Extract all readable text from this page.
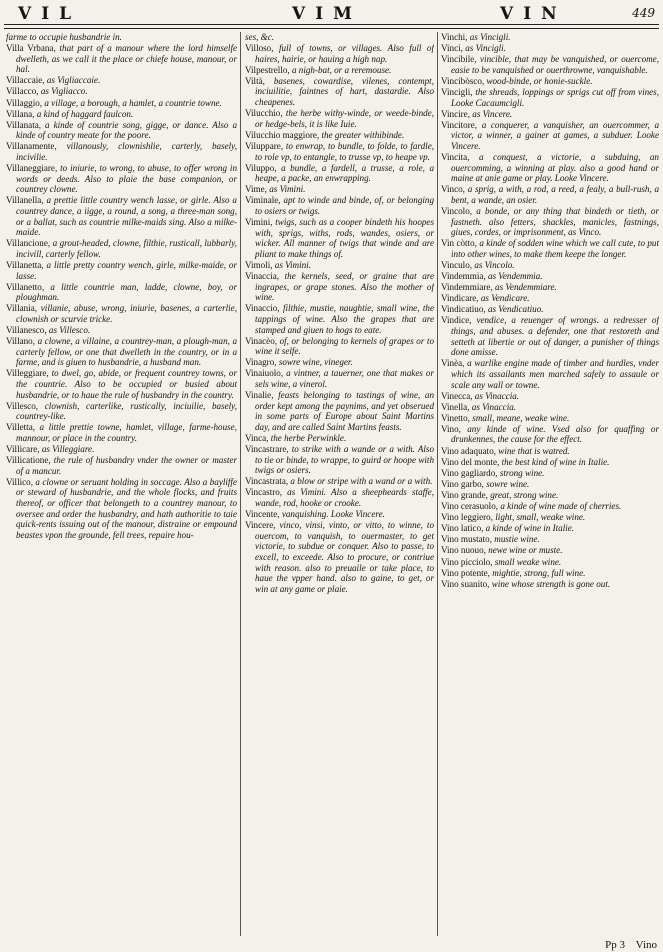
VIL	VIM	VIN	449

farme to occupie husbandrie in.

Villa Vrbana, that part of a manour where the lord himselfe dwelleth, as we call it the place or chiefe house, manour, or hal.

Villaccaie, as Vigliaccaie.

Villacco, as Vigliacco.

Villaggio, a village, a borough, a hamlet, a countrie towne.

Villana, a kind of haggard faulcon.

Villanata, a kinde of countrie song, gigge, or dance. Also a kinde of country meate for the poore.

Villanamente, villanously, clownishlie, carterly, basely, incivilie.

Villaneggiare, to iniurie, to wrong, to abuse, to offer wrong in words or deeds. Also to plaie the base companion, or countrey clowne.

Villanella, a prettie little country wench lasse, or girle. Also a countrey dance, a iigge, a round, a song, a three-man song, or a ballat, such as countrie milke-maids sing. Also a milke-maide.

Villancione, a grout-headed, clowne, filthie, rusticall, lubbarly, incivill, carterly fellow.

Villanetta, a little pretty country wench, girle, milke-maide, or lasse.

Villanetto, a little countrie man, ladde, clowne, boy, or ploughman.

Villania, villanie, abuse, wrong, iniurie, basenes, a carterlie, clownish or scurvie tricke.

Villanesco, as Villesco.

Villano, a clowne, a villaine, a countrey-man, a plough-man, a carterly fellow, or one that dwelleth in the country, or in a farme, and is giuen to husbandrie, a husband man.

Villeggiare, to dwel, go, abide, or frequent countrey towns, or the countrie. Also to be occupied or busied about husbandrie, or to haue the rule of husbandry in the country.

Villesco, clownish, carterlike, rustically, inciuilie, basely, countrey-like.

Villetta, a little prettie towne, hamlet, village, farme-house, mannour, or place in the country.

Villicare, as Villeggiare.

Villicatione, the rule of husbandry vnder the owner or master of a mancur.

Villico, a clowne or seruant holding in soccage. Also a bayliffe or steward of husbandrie, and the whole flocks, and fruits thereof, or officer that belongeth to a countrey manour, to oversee and order the husbandry, and hath authoritie to taie quick-rents issuing out of the manour, distraine or empound beastes vpon the grounde, fell trees, repaire hou-

ses, &c.

Villoso, full of towns, or villages. Also full of haires, hairie, or hauing a high nap.

Vilpestrello, a nigh-bat, or a reremouse.

Viltà, basenes, cowardise, vilenes, contempt, inciuilitie, faintnes of hart, dastardie. Also cheapenes.

Vilucchio, the herbe withy-winde, or weede-binde, or hedge-bels, it is like Iuie.

Vilucchio maggiore, the greater withibinde.

Viluppare, to enwrap, to bundle, to folde, to fardle, to role vp, to entangle, to trusse vp, to heape vp.

Viluppo, a bundle, a fardell, a trusse, a role, a heape, a packe, an enwrapping.

Vime, as Vimini.

Viminale, apt to winde and binde, of, or belonging to osiers or twigs.

Vimini, twigs, such as a cooper bindeth his hoopes with, sprigs, withs, rods, wandes, osiers, or wicker. All manner of twigs that winde and are pliant to make things of.

Vimoli, as Vimini.

Vinaccia, the kernels, seed, or graine that are ingrapes, or grape stones. Also the mother of wine.

Vinaccio, filthie, mustie, naughtie, small wine, the tappings of wine. Also the grapes that are stamped and giuen to hogs to eate.

Vinacèo, of, or belonging to kernels of grapes or to wine it selfe.

Vinagro, sowre wine, vineger.

Vinaiuolo, a vintner, a tauerner, one that makes or sels wine, a vinerol.

Vinalie, feasts belonging to tastings of wine, an order kept among the paynims, and yet obserued in some parts of Europe about Saint Martins day, and are called Saint Martins feasts.

Vinca, the herbe Perwinkle.

Vincastrare, to strike with a wande or a with. Also to tie or binde, to wrappe, to guird or hoope with twigs or osiers.

Vincastrata, a blow or stripe with a wand or a with.

Vincastro, as Vimini. Also a sheepheards staffe, wande, rod, hooke or crooke.

Vincente, vanquishing. Looke Vincere.

Vincere, vinco, vinsi, vinto, or vitto, to winne, to ouercom, to vanquish, to ouermaster, to get victorie, to subdue or conquer. Also to passe, to excell, to exceede. Also to procure, or contriue with reason. also to preuaile or take place, to haue the vpper hand. also to gaine, to get, or win at any game or plaie.

Vinchi, as Vincigli.

Vinci, as Vincigli.

Vincibile, vincible, that may be vanquished, or ouercome, easie to be vanquished or ouerthrowne, vanquishable.

Vincibòsco, wood-binde, or honie-suckle.

Vincigli, the shreads, loppings or sprigs cut off from vines, Looke Cacaumcigli.

Vincire, as Vincere.

Vincitore, a conquerer, a vanquisher, an ouercommer, a victor, a winner, a gainer at games, a subduer. Looke Vincere.

Vincita, a conquest, a victorie, a subduing, an ouercomming, a winning at play. also a good hand or maine at anie game or play. Looke Vincere.

Vinco, a sprig, a with, a rod, a reed, a fealy, a bull-rush, a bent, a wande, an osier.

Vincolo, a bonde, or any thing that bindeth or tieth, or fastneth. also fetters, shackles, manicles, fastnings, giues, cordes, or imprisonment, as Vinco.

Vin còtto, a kinde of sodden wine which we call cute, to put into other wines, to make them keepe the longer.

Vinculo, as Vincolo.

Vindemmia, as Vendemmia.

Vindemmiare, as Vendemmiare.

Vindicare, as Vendicare.

Vindicatiuo, as Vendicatiuo.

Vindice, vendice, a reuenger of wrongs. a redresser of things, and abuses. a defender, one that restoreth and setteth at libertie or out of danger, a punisher of things done amisse.

Vinèa, a warlike engine made of timber and hurdles, vnder which its assailants men marched safely to assaule or scale any wall or towne.

Vinecca, as Vinaccia.

Vinella, as Vinaccia.

Vinetto, small, meane, weake wine.

Vino, any kinde of wine. Vsed also for quaffing or drunkennes, the cause for the effect.

Vino adaquato, wine that is watred.

Vino del monte, the best kind of wine in Italie.

Vino gagliardo, strong wine.

Vino garbo, sowre wine.

Vino grande, great, strong wine.

Vino cerasuolo, a kinde of wine made of cherries.

Vino leggiero, light, small, weake wine.

Vino latico, a kinde of wine in Italie.

Vino mustato, mustie wine.

Vino nuouo, newe wine or muste.

Vino picciolo, small weake wine.

Vino potente, mightie, strong, full wine.

Vino suanito, wine whose strength is gone out.

Pp 3 Vino
